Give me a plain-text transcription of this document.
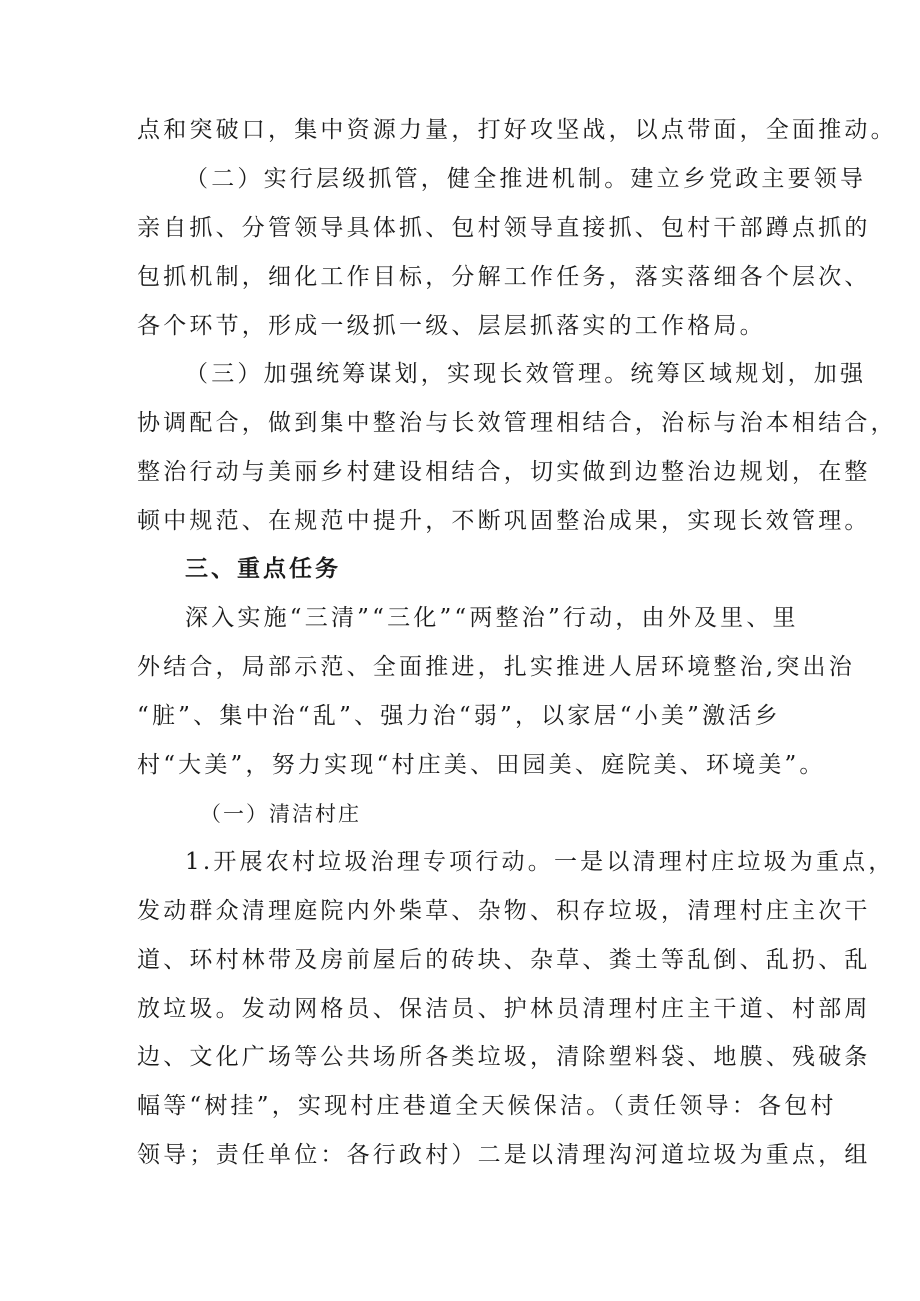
点和突破口，集中资源力量，打好攻坚战，以点带面，全面推动。
（二）实行层级抓管，健全推进机制。建立乡党政主要领导
亲自抓、分管领导具体抓、包村领导直接抓、包村干部蹲点抓的
包抓机制，细化工作目标，分解工作任务，落实落细各个层次、
各个环节，形成一级抓一级、层层抓落实的工作格局。
（三）加强统筹谋划，实现长效管理。统筹区域规划，加强
协调配合，做到集中整治与长效管理相结合，治标与治本相结合，
整治行动与美丽乡村建设相结合，切实做到边整治边规划，在整
顿中规范、在规范中提升，不断巩固整治成果，实现长效管理。
三、重点任务
深入实施“三清”“三化”“两整治”行动，由外及里、里
外结合，局部示范、全面推进，扎实推进人居环境整治,突出治
“脏”、集中治“乱”、强力治“弱”，以家居“小美”激活乡
村“大美”，努力实现“村庄美、田园美、庭院美、环境美”。
（一）清洁村庄
1.开展农村垃圾治理专项行动。一是以清理村庄垃圾为重点，
发动群众清理庭院内外柴草、杂物、积存垃圾，清理村庄主次干
道、环村林带及房前屋后的砖块、杂草、粪土等乱倒、乱扔、乱
放垃圾。发动网格员、保洁员、护林员清理村庄主干道、村部周
边、文化广场等公共场所各类垃圾，清除塑料袋、地膜、残破条
幅等“树挂”，实现村庄巷道全天候保洁。（责任领导：各包村
领导；责任单位：各行政村）二是以清理沟河道垃圾为重点，组
